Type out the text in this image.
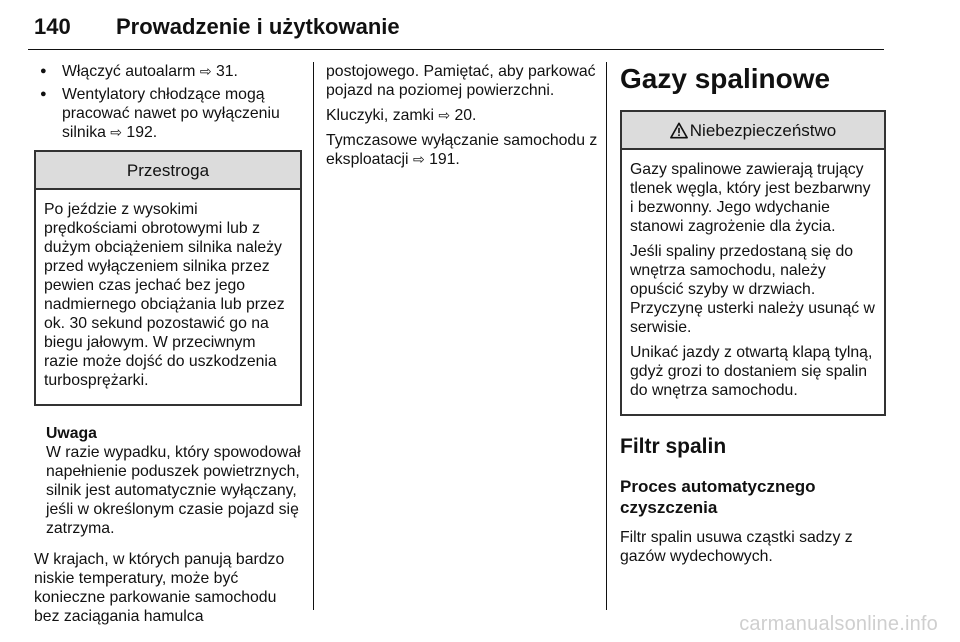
140 Prowadzenie i użytkowanie
● Włączyć autoalarm ⇨ 31.
● Wentylatory chłodzące mogą pracować nawet po wyłączeniu silnika ⇨ 192.
Przestroga

Po jeździe z wysokimi prędkościami obrotowymi lub z dużym obciążeniem silnika należy przed wyłączeniem silnika przez pewien czas jechać bez jego nadmiernego obciążania lub przez ok. 30 sekund pozostawić go na biegu jałowym. W przeciwnym razie może dojść do uszkodzenia turbosprężarki.

Uwaga
W razie wypadku, który spowodował napełnienie poduszek powietrznych, silnik jest automatycznie wyłączany, jeśli w określonym czasie pojazd się zatrzyma.

W krajach, w których panują bardzo niskie temperatury, może być konieczne parkowanie samochodu bez zaciągania hamulca

postojowego. Pamiętać, aby parkować pojazd na poziomej powierzchni.

Kluczyki, zamki ⇨ 20.

Tymczasowe wyłączanie samochodu z eksploatacji ⇨ 191.

Gazy spalinowe
Niebezpieczeństwo

Gazy spalinowe zawierają trujący tlenek węgla, który jest bezbarwny i bezwonny. Jego wdychanie stanowi zagrożenie dla życia.

Jeśli spaliny przedostaną się do wnętrza samochodu, należy opuścić szyby w drzwiach. Przyczynę usterki należy usunąć w serwisie.

Unikać jazdy z otwartą klapą tylną, gdyż grozi to dostaniem się spalin do wnętrza samochodu.

Filtr spalin
Proces automatycznego czyszczenia

Filtr spalin usuwa cząstki sadzy z gazów wydechowych.

carmanualsonline.info
